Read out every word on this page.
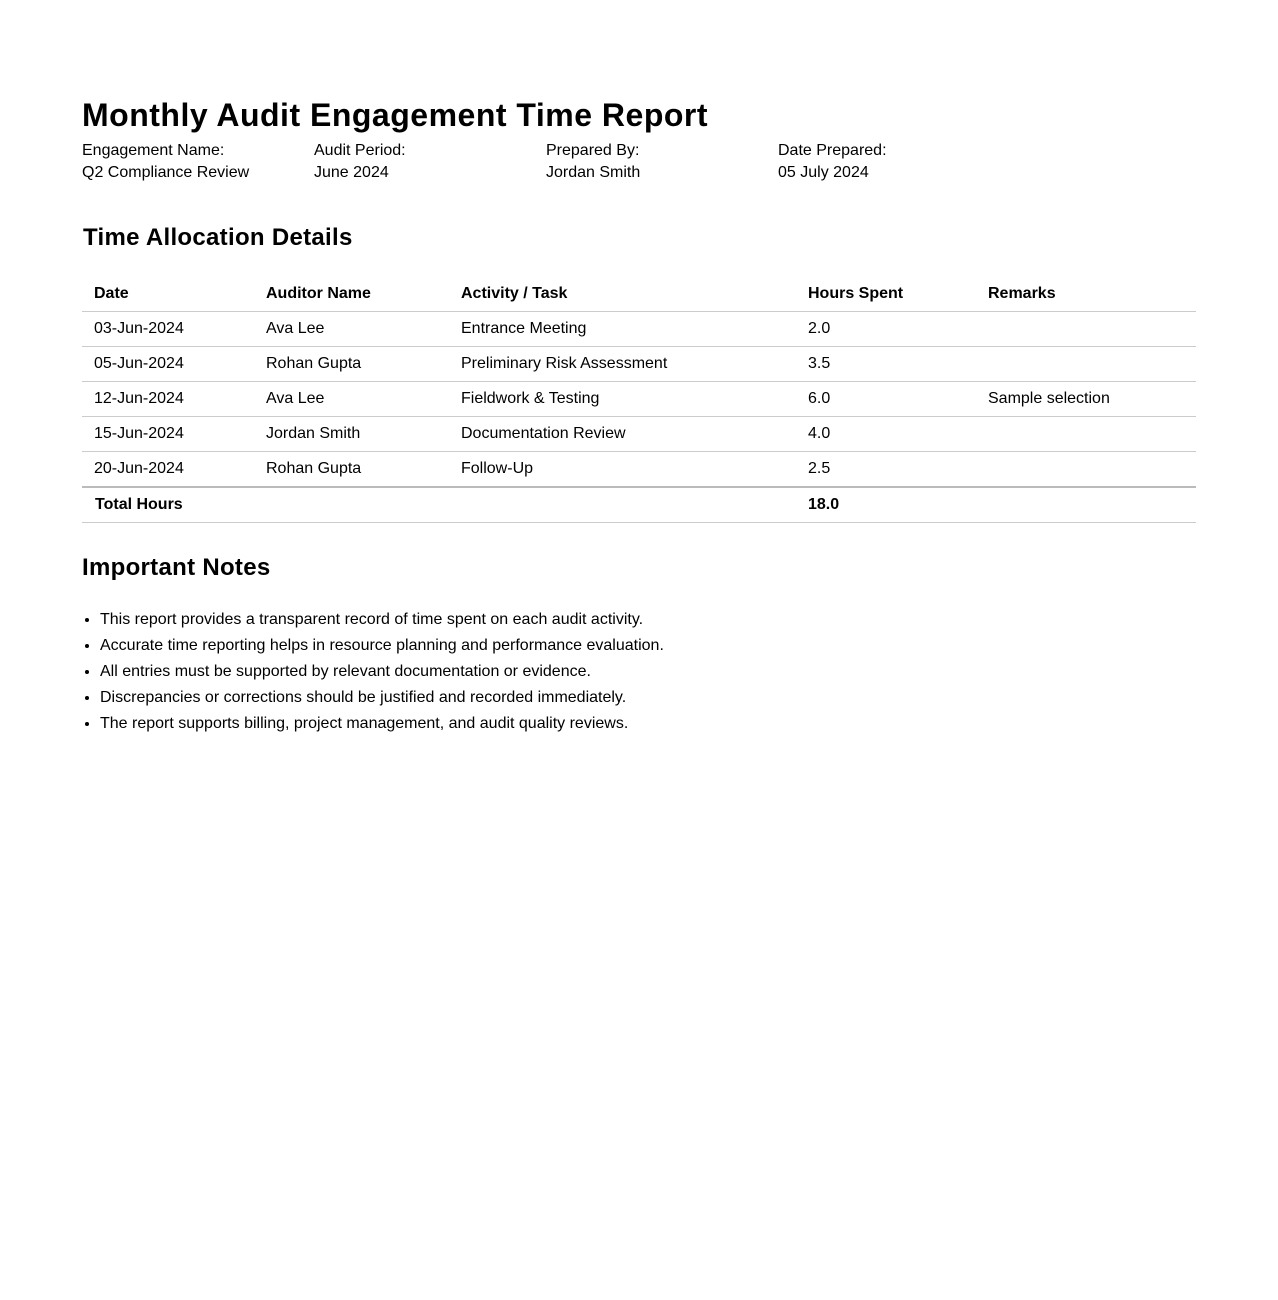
Monthly Audit Engagement Time Report
Engagement Name:
Q2 Compliance Review
Audit Period:
June 2024
Prepared By:
Jordan Smith
Date Prepared:
05 July 2024
Time Allocation Details
Date	Auditor Name	Activity / Task	Hours Spent	Remarks
03-Jun-2024	Ava Lee	Entrance Meeting	2.0	
05-Jun-2024	Rohan Gupta	Preliminary Risk Assessment	3.5	
12-Jun-2024	Ava Lee	Fieldwork & Testing	6.0	Sample selection
15-Jun-2024	Jordan Smith	Documentation Review	4.0	
20-Jun-2024	Rohan Gupta	Follow-Up	2.5	
Total Hours			18.0	
Important Notes
• This report provides a transparent record of time spent on each audit activity.
• Accurate time reporting helps in resource planning and performance evaluation.
• All entries must be supported by relevant documentation or evidence.
• Discrepancies or corrections should be justified and recorded immediately.
• The report supports billing, project management, and audit quality reviews.
